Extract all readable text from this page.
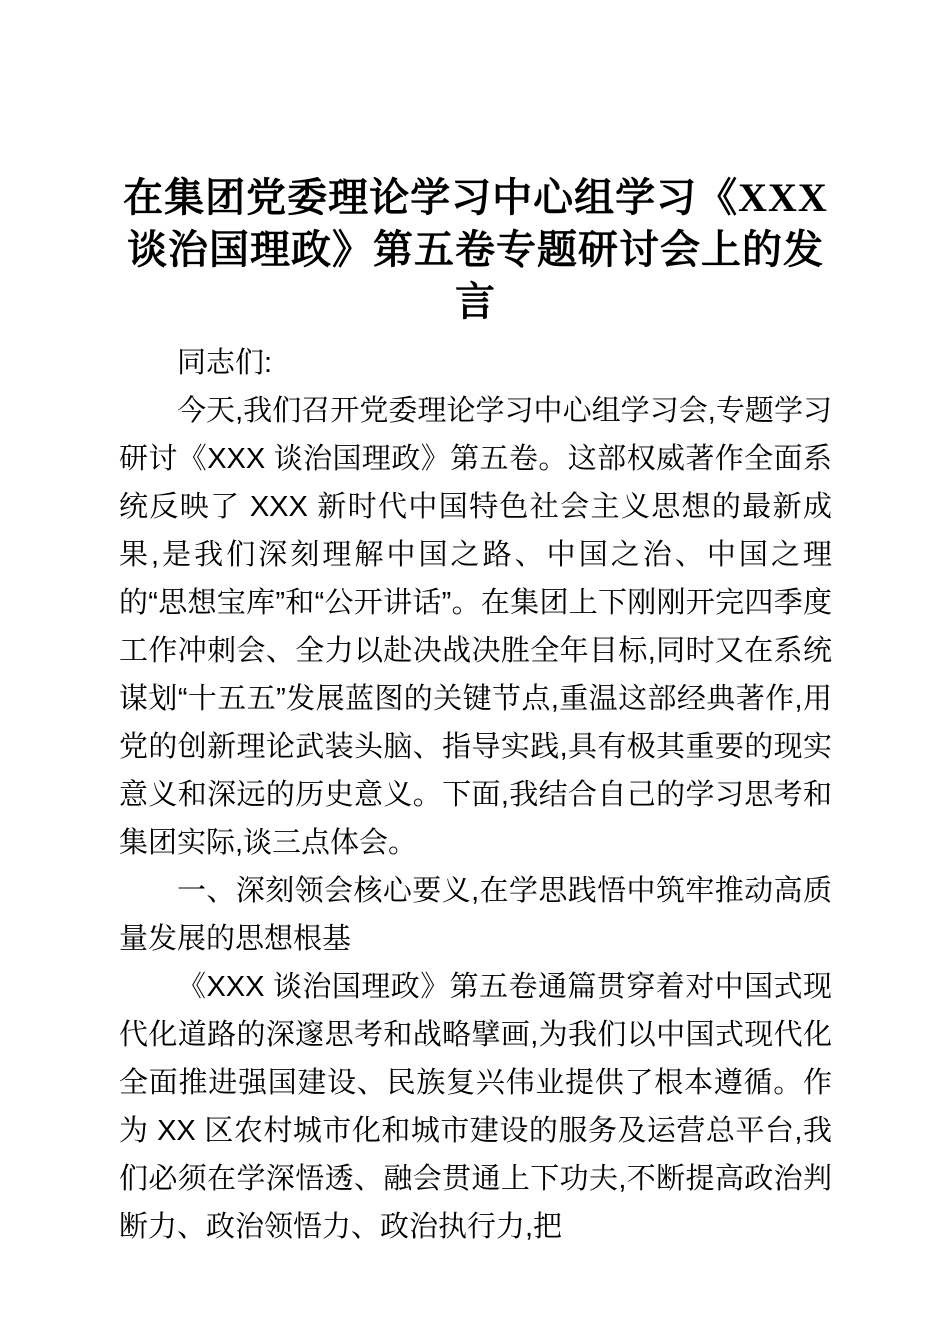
在集团党委理论学习中心组学习《XXX
谈治国理政》第五卷专题研讨会上的发
言

同志们:

今天,我们召开党委理论学习中心组学习会,专题学习研讨《XXX 谈治国理政》第五卷。这部权威著作全面系统反映了 XXX 新时代中国特色社会主义思想的最新成果,是我们深刻理解中国之路、中国之治、中国之理的“思想宝库”和“公开讲话”。在集团上下刚刚开完四季度工作冲刺会、全力以赴决战决胜全年目标,同时又在系统谋划“十五五”发展蓝图的关键节点,重温这部经典著作,用党的创新理论武装头脑、指导实践,具有极其重要的现实意义和深远的历史意义。下面,我结合自己的学习思考和集团实际,谈三点体会。

一、深刻领会核心要义,在学思践悟中筑牢推动高质量发展的思想根基

《XXX 谈治国理政》第五卷通篇贯穿着对中国式现代化道路的深邃思考和战略擘画,为我们以中国式现代化全面推进强国建设、民族复兴伟业提供了根本遵循。作为 XX 区农村城市化和城市建设的服务及运营总平台,我们必须在学深悟透、融会贯通上下功夫,不断提高政治判断力、政治领悟力、政治执行力,把
